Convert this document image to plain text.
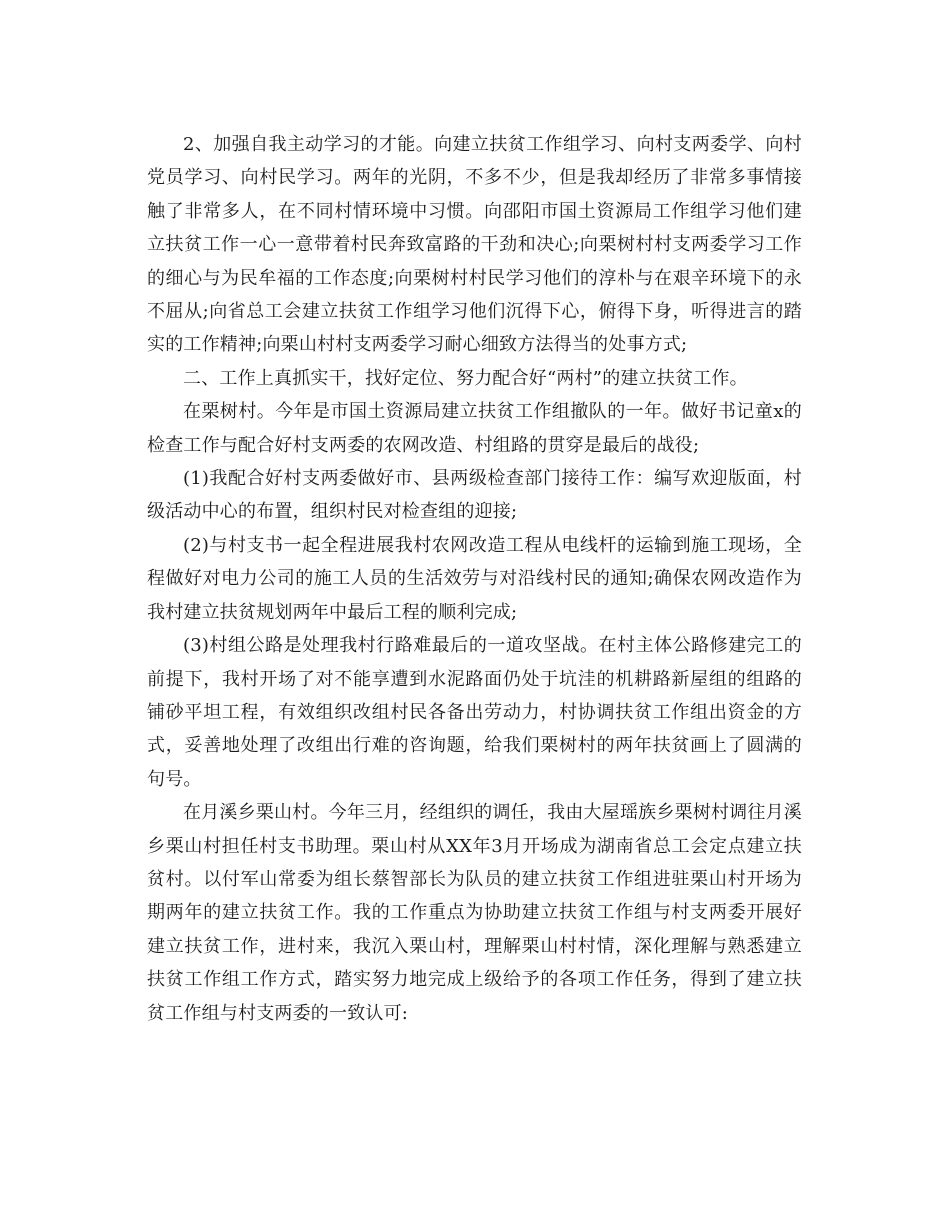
2、加强自我主动学习的才能。向建立扶贫工作组学习、向村支两委学、向村党员学习、向村民学习。两年的光阴，不多不少，但是我却经历了非常多事情接触了非常多人，在不同村情环境中习惯。向邵阳市国土资源局工作组学习他们建立扶贫工作一心一意带着村民奔致富路的干劲和决心;向栗树村村支两委学习工作的细心与为民牟福的工作态度;向栗树村村民学习他们的淳朴与在艰辛环境下的永不屈从;向省总工会建立扶贫工作组学习他们沉得下心，俯得下身，听得进言的踏实的工作精神;向栗山村村支两委学习耐心细致方法得当的处事方式;

二、工作上真抓实干，找好定位、努力配合好“两村”的建立扶贫工作。

在栗树村。今年是市国土资源局建立扶贫工作组撤队的一年。做好书记童x的检查工作与配合好村支两委的农网改造、村组路的贯穿是最后的战役;

(1)我配合好村支两委做好市、县两级检查部门接待工作：编写欢迎版面，村级活动中心的布置，组织村民对检查组的迎接;

(2)与村支书一起全程进展我村农网改造工程从电线杆的运输到施工现场，全程做好对电力公司的施工人员的生活效劳与对沿线村民的通知;确保农网改造作为我村建立扶贫规划两年中最后工程的顺利完成;

(3)村组公路是处理我村行路难最后的一道攻坚战。在村主体公路修建完工的前提下，我村开场了对不能享遭到水泥路面仍处于坑洼的机耕路新屋组的组路的铺砂平坦工程，有效组织改组村民各备出劳动力，村协调扶贫工作组出资金的方式，妥善地处理了改组出行难的咨询题，给我们栗树村的两年扶贫画上了圆满的句号。

在月溪乡栗山村。今年三月，经组织的调任，我由大屋瑶族乡栗树村调往月溪乡栗山村担任村支书助理。栗山村从XX年3月开场成为湖南省总工会定点建立扶贫村。以付军山常委为组长蔡智部长为队员的建立扶贫工作组进驻栗山村开场为期两年的建立扶贫工作。我的工作重点为协助建立扶贫工作组与村支两委开展好建立扶贫工作，进村来，我沉入栗山村，理解栗山村村情，深化理解与熟悉建立扶贫工作组工作方式，踏实努力地完成上级给予的各项工作任务，得到了建立扶贫工作组与村支两委的一致认可:
